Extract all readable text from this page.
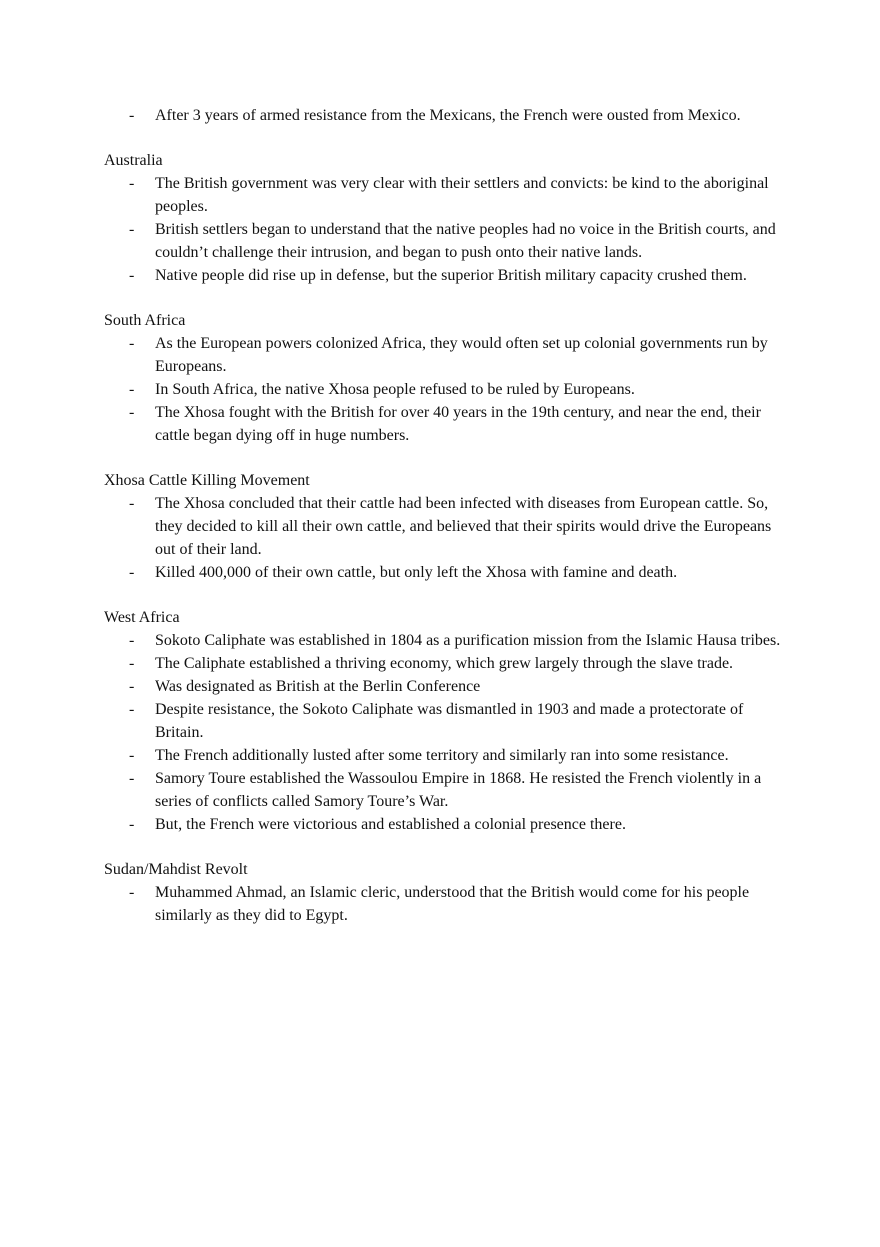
- After 3 years of armed resistance from the Mexicans, the French were ousted from Mexico.

Australia

- The British government was very clear with their settlers and convicts: be kind to the aboriginal peoples.
- British settlers began to understand that the native peoples had no voice in the British courts, and couldn’t challenge their intrusion, and began to push onto their native lands.
- Native people did rise up in defense, but the superior British military capacity crushed them.

South Africa

- As the European powers colonized Africa, they would often set up colonial governments run by Europeans.
- In South Africa, the native Xhosa people refused to be ruled by Europeans.
- The Xhosa fought with the British for over 40 years in the 19th century, and near the end, their cattle began dying off in huge numbers.

Xhosa Cattle Killing Movement

- The Xhosa concluded that their cattle had been infected with diseases from European cattle. So, they decided to kill all their own cattle, and believed that their spirits would drive the Europeans out of their land.
- Killed 400,000 of their own cattle, but only left the Xhosa with famine and death.

West Africa

- Sokoto Caliphate was established in 1804 as a purification mission from the Islamic Hausa tribes.
- The Caliphate established a thriving economy, which grew largely through the slave trade.
- Was designated as British at the Berlin Conference
- Despite resistance, the Sokoto Caliphate was dismantled in 1903 and made a protectorate of Britain.
- The French additionally lusted after some territory and similarly ran into some resistance.
- Samory Toure established the Wassoulou Empire in 1868. He resisted the French violently in a series of conflicts called Samory Toure’s War.
- But, the French were victorious and established a colonial presence there.

Sudan/Mahdist Revolt

- Muhammed Ahmad, an Islamic cleric, understood that the British would come for his people similarly as they did to Egypt.
